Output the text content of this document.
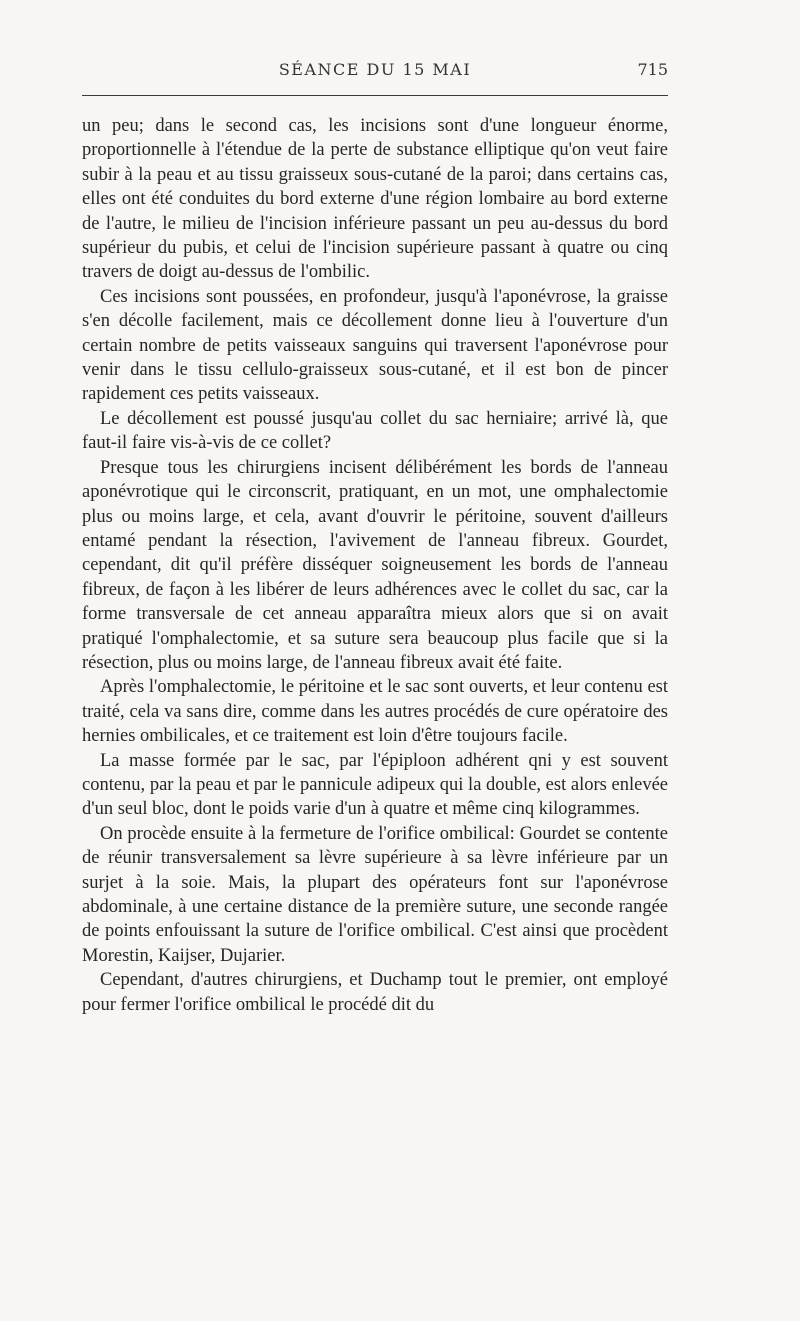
SÉANCE DU 15 MAI	715

un peu; dans le second cas, les incisions sont d'une longueur énorme, proportionnelle à l'étendue de la perte de substance elliptique qu'on veut faire subir à la peau et au tissu graisseux sous-cutané de la paroi; dans certains cas, elles ont été conduites du bord externe d'une région lombaire au bord externe de l'autre, le milieu de l'incision inférieure passant un peu au-dessus du bord supérieur du pubis, et celui de l'incision supérieure passant à quatre ou cinq travers de doigt au-dessus de l'ombilic.

Ces incisions sont poussées, en profondeur, jusqu'à l'aponévrose, la graisse s'en décolle facilement, mais ce décollement donne lieu à l'ouverture d'un certain nombre de petits vaisseaux sanguins qui traversent l'aponévrose pour venir dans le tissu cellulo-graisseux sous-cutané, et il est bon de pincer rapidement ces petits vaisseaux.

Le décollement est poussé jusqu'au collet du sac herniaire; arrivé là, que faut-il faire vis-à-vis de ce collet?

Presque tous les chirurgiens incisent délibérément les bords de l'anneau aponévrotique qui le circonscrit, pratiquant, en un mot, une omphalectomie plus ou moins large, et cela, avant d'ouvrir le péritoine, souvent d'ailleurs entamé pendant la résection, l'avivement de l'anneau fibreux. Gourdet, cependant, dit qu'il préfère disséquer soigneusement les bords de l'anneau fibreux, de façon à les libérer de leurs adhérences avec le collet du sac, car la forme transversale de cet anneau apparaîtra mieux alors que si on avait pratiqué l'omphalectomie, et sa suture sera beaucoup plus facile que si la résection, plus ou moins large, de l'anneau fibreux avait été faite.

Après l'omphalectomie, le péritoine et le sac sont ouverts, et leur contenu est traité, cela va sans dire, comme dans les autres procédés de cure opératoire des hernies ombilicales, et ce traitement est loin d'être toujours facile.

La masse formée par le sac, par l'épiploon adhérent qni y est souvent contenu, par la peau et par le pannicule adipeux qui la double, est alors enlevée d'un seul bloc, dont le poids varie d'un à quatre et même cinq kilogrammes.

On procède ensuite à la fermeture de l'orifice ombilical: Gourdet se contente de réunir transversalement sa lèvre supérieure à sa lèvre inférieure par un surjet à la soie. Mais, la plupart des opérateurs font sur l'aponévrose abdominale, à une certaine distance de la première suture, une seconde rangée de points enfouissant la suture de l'orifice ombilical. C'est ainsi que procèdent Morestin, Kaijser, Dujarier.

Cependant, d'autres chirurgiens, et Duchamp tout le premier, ont employé pour fermer l'orifice ombilical le procédé dit du
